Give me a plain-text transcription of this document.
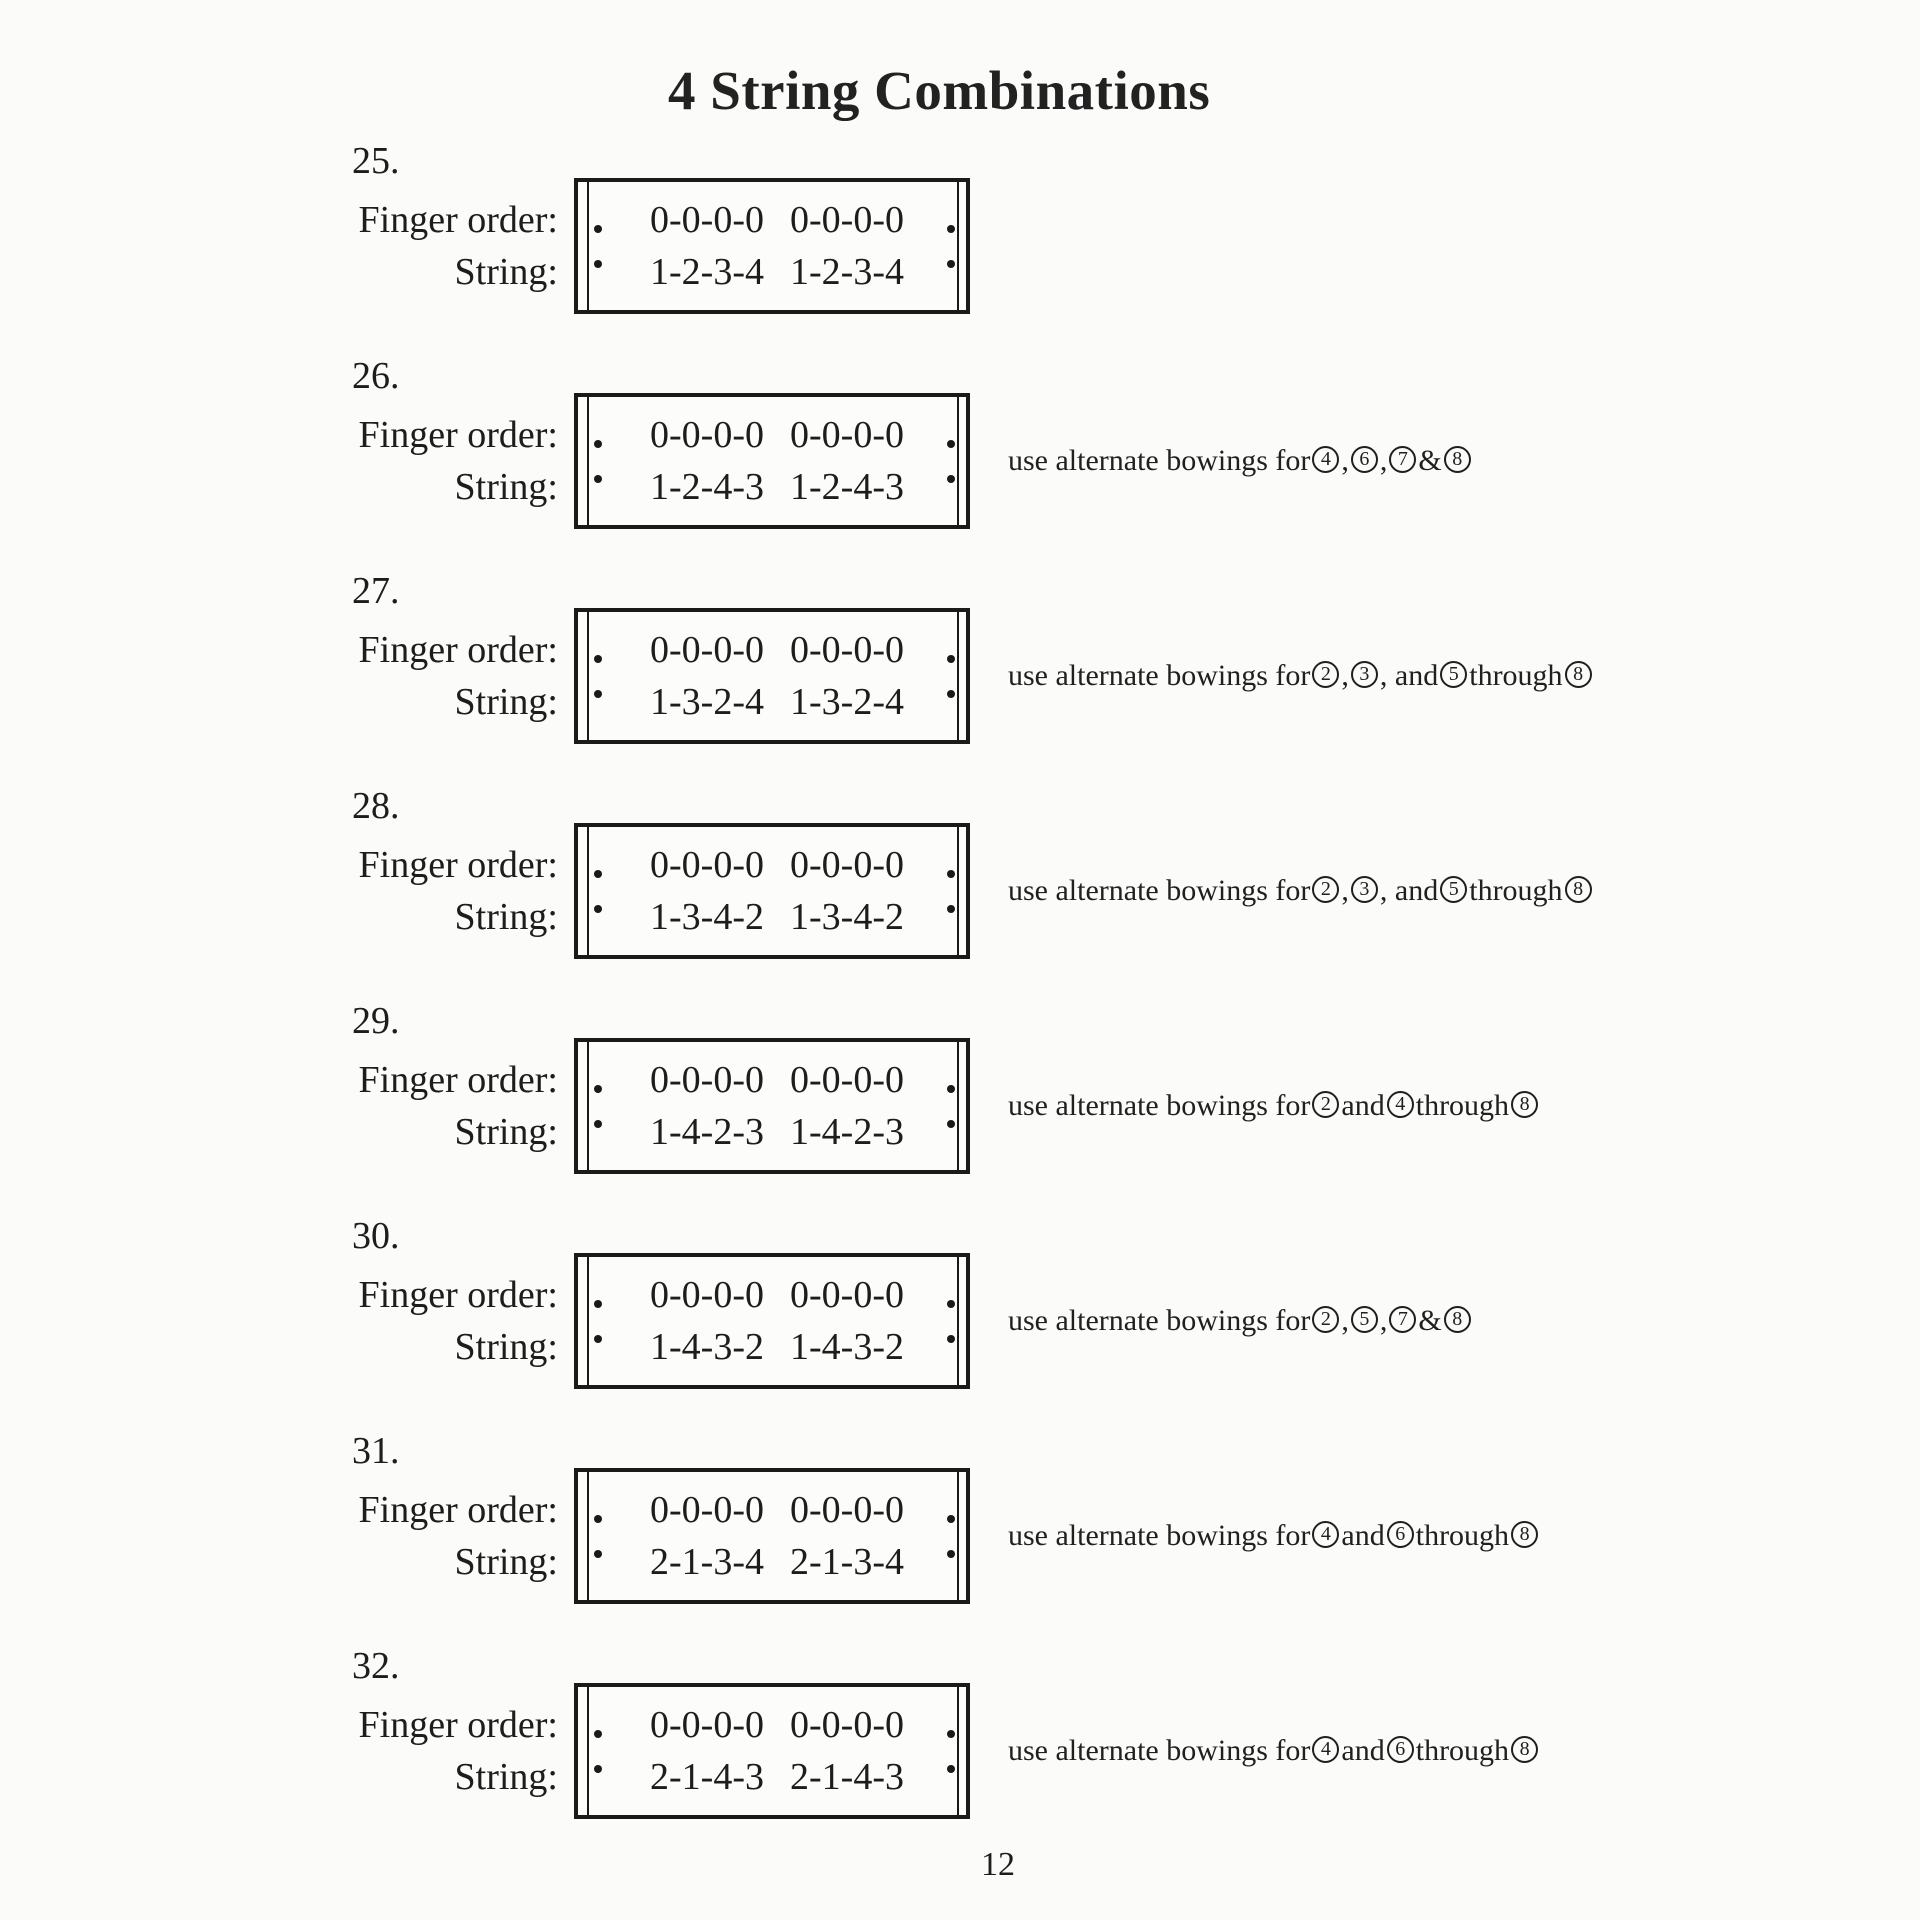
4 String Combinations
25.
Finger order:
String:
0-0-0-0 0-0-0-0
1-2-3-4 1-2-3-4
26.
Finger order:
String:
0-0-0-0 0-0-0-0
1-2-4-3 1-2-4-3
use alternate bowings for 4 , 6 , 7 & 8
27.
Finger order:
String:
0-0-0-0 0-0-0-0
1-3-2-4 1-3-2-4
use alternate bowings for 2 , 3 , and 5 through 8
28.
Finger order:
String:
0-0-0-0 0-0-0-0
1-3-4-2 1-3-4-2
use alternate bowings for 2 , 3 , and 5 through 8
29.
Finger order:
String:
0-0-0-0 0-0-0-0
1-4-2-3 1-4-2-3
use alternate bowings for 2 and 4 through 8
30.
Finger order:
String:
0-0-0-0 0-0-0-0
1-4-3-2 1-4-3-2
use alternate bowings for 2 , 5 , 7 & 8
31.
Finger order:
String:
0-0-0-0 0-0-0-0
2-1-3-4 2-1-3-4
use alternate bowings for 4 and 6 through 8
32.
Finger order:
String:
0-0-0-0 0-0-0-0
2-1-4-3 2-1-4-3
use alternate bowings for 4 and 6 through 8
12
